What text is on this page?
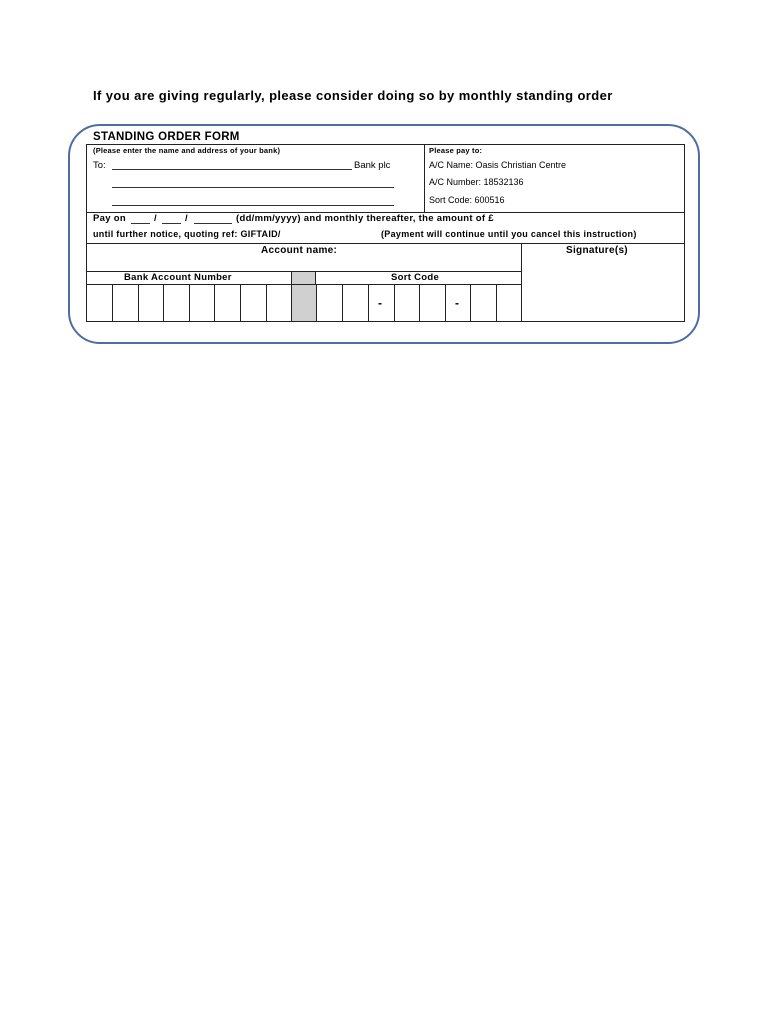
If you are giving regularly, please consider doing so by monthly standing order
STANDING ORDER FORM
(Please enter the name and address of your bank)
To:	Bank plc
Please pay to:
A/C Name: Oasis Christian Centre
A/C Number: 18532136
Sort Code: 600516
Pay on	/	/	(dd/mm/yyyy) and monthly thereafter, the amount of £
until further notice, quoting ref: GIFTAID/	(Payment will continue until you cancel this instruction)
Account name:	Signature(s)
Bank Account Number	Sort Code
-	-
